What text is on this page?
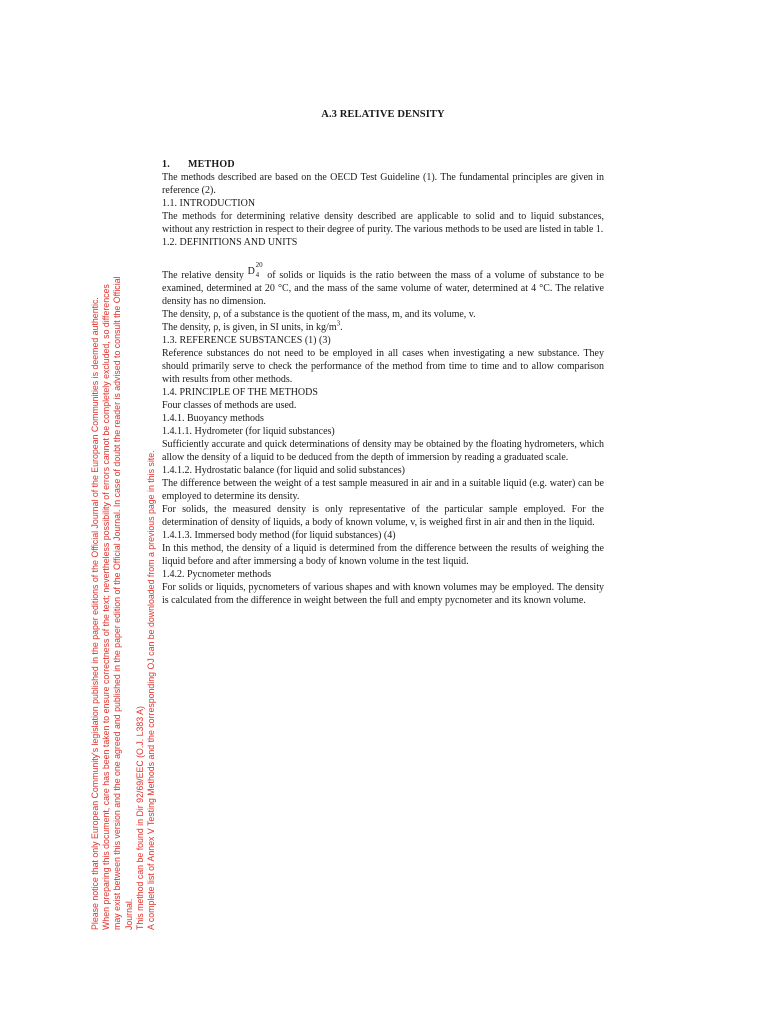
A.3 RELATIVE DENSITY

1. METHOD

The methods described are based on the OECD Test Guideline (1). The fundamental principles are given in reference (2).

1.1. INTRODUCTION

The methods for determining relative density described are applicable to solid and to liquid substances, without any restriction in respect to their degree of purity. The various methods to be used are listed in table 1.

1.2. DEFINITIONS AND UNITS

The relative density D
20
4 of solids or liquids is the ratio between the mass of a volume of substance to be examined, determined at 20 °C, and the mass of the same volume of water, determined at 4 °C. The relative density has no dimension.

The density, ρ, of a substance is the quotient of the mass, m, and its volume, v.

The density, ρ, is given, in SI units, in $kg/m^3$.

1.3. REFERENCE SUBSTANCES (1) (3)

Reference substances do not need to be employed in all cases when investigating a new substance. They should primarily serve to check the performance of the method from time to time and to allow comparison with results from other methods.

1.4. PRINCIPLE OF THE METHODS

Four classes of methods are used.

1.4.1. Buoyancy methods

1.4.1.1. Hydrometer (for liquid substances)

Sufficiently accurate and quick determinations of density may be obtained by the floating hydrometers, which allow the density of a liquid to be deduced from the depth of immersion by reading a graduated scale.

1.4.1.2. Hydrostatic balance (for liquid and solid substances)

The difference between the weight of a test sample measured in air and in a suitable liquid (e.g. water) can be employed to determine its density.

For solids, the measured density is only representative of the particular sample employed. For the determination of density of liquids, a body of known volume, v, is weighed first in air and then in the liquid.

1.4.1.3. Immersed body method (for liquid substances) (4)

In this method, the density of a liquid is determined from the difference between the results of weighing the liquid before and after immersing a body of known volume in the test liquid.

1.4.2. Pycnometer methods

For solids or liquids, pycnometers of various shapes and with known volumes may be employed. The density is calculated from the difference in weight between the full and empty pycnometer and its known volume.

Please notice that only European Community's legislation published in the paper editions of the Official Journal of the European Communities is deemed authentic. When preparing this document, care has been taken to ensure correctness of the text; nevertheless possibility of errors cannot be completely excluded, so differences may exist between this version and the one agreed and published in the paper edition of the Official Journal. In case of doubt the reader is advised to consult the Official Journal. This method can be found in Dir 92/69/EEC (O.J. L383 A) A complete list of Annex V Testing Methods and the corresponding OJ can be downloaded from a previous page in this site.
